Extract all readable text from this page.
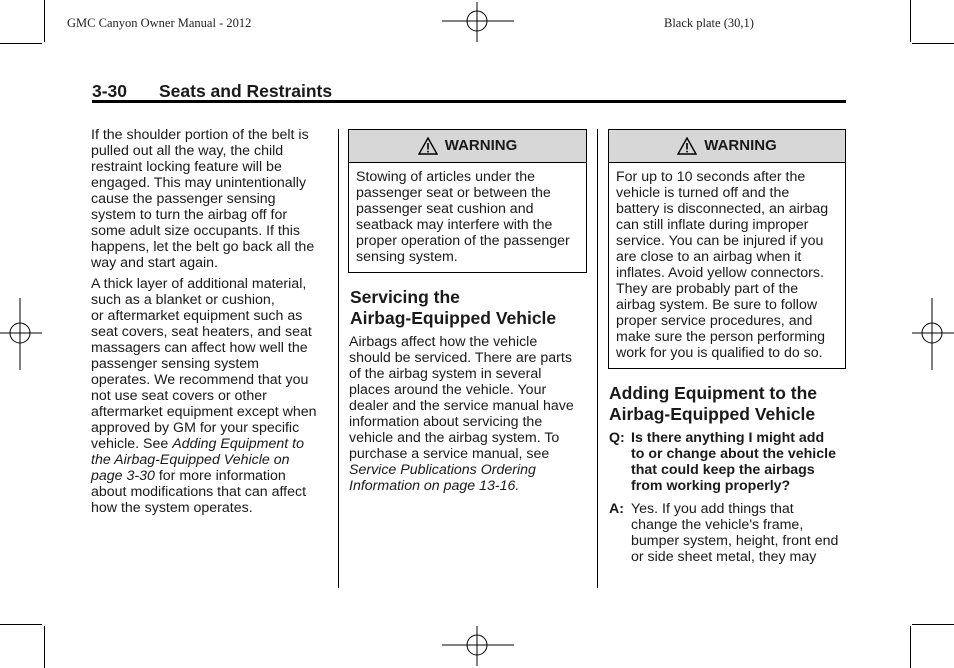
GMC Canyon Owner Manual - 2012	Black plate (30,1)
3-30 Seats and Restraints

If the shoulder portion of the belt is
pulled out all the way, the child
restraint locking feature will be
engaged. This may unintentionally
cause the passenger sensing
system to turn the airbag off for
some adult size occupants. If this
happens, let the belt go back all the
way and start again.

A thick layer of additional material,
such as a blanket or cushion,
or aftermarket equipment such as
seat covers, seat heaters, and seat
massagers can affect how well the
passenger sensing system
operates. We recommend that you
not use seat covers or other
aftermarket equipment except when
approved by GM for your specific
vehicle. See Adding Equipment to
the Airbag-Equipped Vehicle on
page 3-30 for more information
about modifications that can affect
how the system operates.

WARNING
Stowing of articles under the
passenger seat or between the
passenger seat cushion and
seatback may interfere with the
proper operation of the passenger
sensing system.
Servicing the
Airbag-Equipped Vehicle

Airbags affect how the vehicle
should be serviced. There are parts
of the airbag system in several
places around the vehicle. Your
dealer and the service manual have
information about servicing the
vehicle and the airbag system. To
purchase a service manual, see
Service Publications Ordering
Information on page 13-16.

WARNING
For up to 10 seconds after the
vehicle is turned off and the
battery is disconnected, an airbag
can still inflate during improper
service. You can be injured if you
are close to an airbag when it
inflates. Avoid yellow connectors.
They are probably part of the
airbag system. Be sure to follow
proper service procedures, and
make sure the person performing
work for you is qualified to do so.
Adding Equipment to the
Airbag-Equipped Vehicle
Q: Is there anything I might add
to or change about the vehicle
that could keep the airbags
from working properly?
A: Yes. If you add things that
change the vehicle's frame,
bumper system, height, front end
or side sheet metal, they may
